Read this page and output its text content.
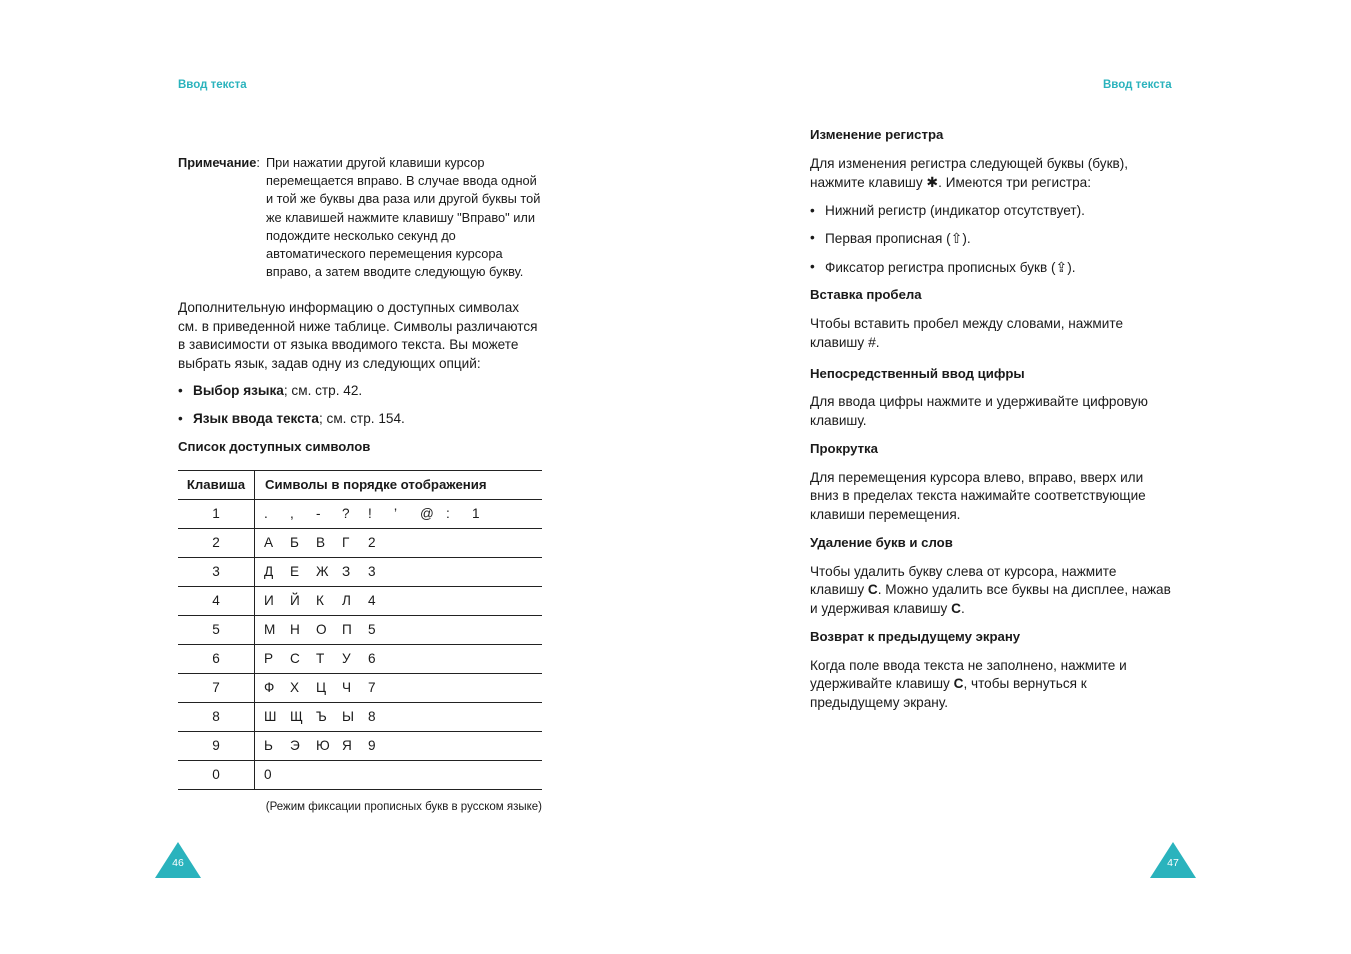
Ввод текста	Ввод текста
Примечание : При нажатии другой клавиши курсор перемещается вправо. В случае ввода одной и той же буквы два раза или другой буквы той же клавишей нажмите клавишу "Вправо" или подождите несколько секунд до автоматического перемещения курсора вправо, а затем вводите следующую букву.

Дополнительную информацию о доступных символах см. в приведенной ниже таблице. Символы различаются в зависимости от языка вводимого текста. Вы можете выбрать язык, задав одну из следующих опций:

• Выбор языка; см. стр. 42.
• Язык ввода текста; см. стр. 154.

Список доступных символов

Клавиша	Символы в порядке отображения
1	. , - ? ! ’ @ : 1
2	А Б В Г 2
3	Д Е Ж З 3
4	И Й К Л 4
5	М Н О П 5
6	Р С Т У 6
7	Ф Х Ц Ч 7
8	Ш Щ Ъ Ы 8
9	Ь Э Ю Я 9
0	0
(Режим фиксации прописных букв в русском языке)

Изменение регистра

Для изменения регистра следующей буквы (букв), нажмите клавишу ✱. Имеются три регистра:

• Нижний регистр (индикатор отсутствует).
• Первая прописная (⇧).
• Фиксатор регистра прописных букв (⇪).

Вставка пробела

Чтобы вставить пробел между словами, нажмите клавишу #.

Непосредственный ввод цифры

Для ввода цифры нажмите и удерживайте цифровую клавишу.

Прокрутка

Для перемещения курсора влево, вправо, вверх или вниз в пределах текста нажимайте соответствующие клавиши перемещения.

Удаление букв и слов

Чтобы удалить букву слева от курсора, нажмите клавишу C. Можно удалить все буквы на дисплее, нажав и удерживая клавишу C.

Возврат к предыдущему экрану

Когда поле ввода текста не заполнено, нажмите и удерживайте клавишу C, чтобы вернуться к предыдущему экрану.

46	47
